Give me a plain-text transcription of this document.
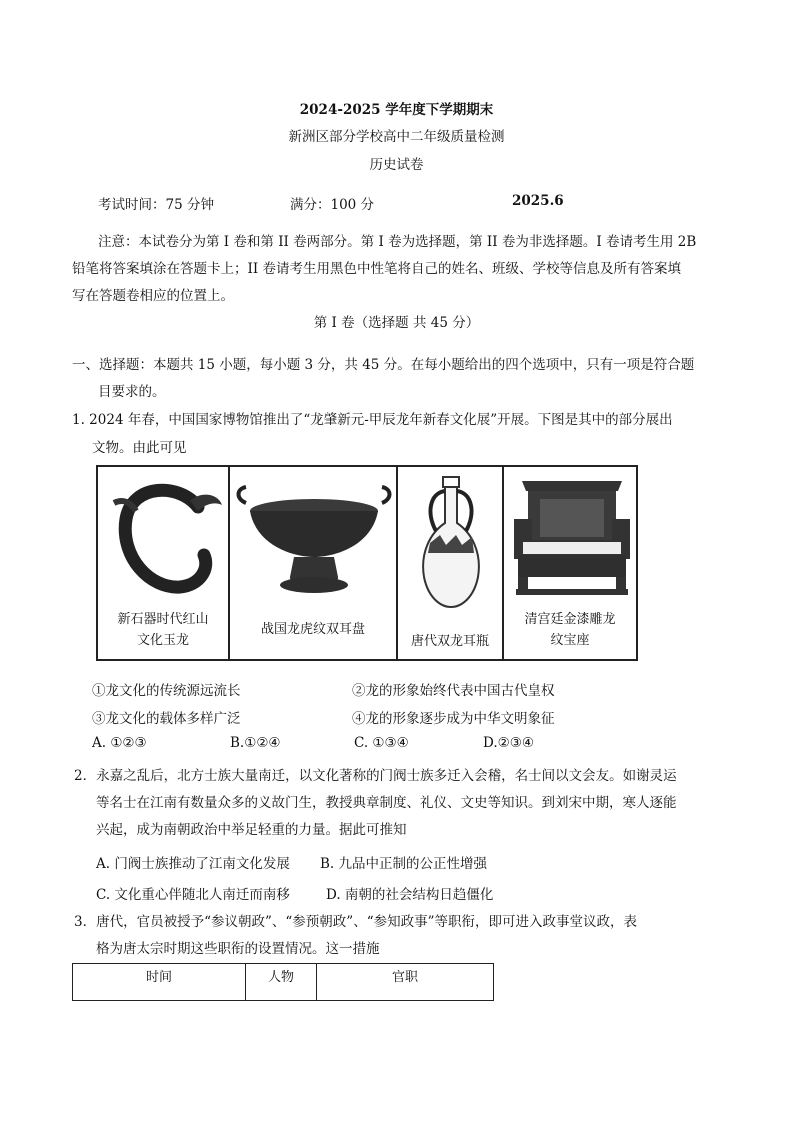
2024-2025 学年度下学期期末
新洲区部分学校高中二年级质量检测
历史试卷
考试时间：75 分钟	满分：100 分	2025.6
注意：本试卷分为第 I 卷和第 II 卷两部分。第 I 卷为选择题，第 II 卷为非选择题。I 卷请考生用 2B
铅笔将答案填涂在答题卡上；II 卷请考生用黑色中性笔将自己的姓名、班级、学校等信息及所有答案填
写在答题卷相应的位置上。
第 I 卷（选择题 共 45 分）
一、选择题：本题共 15 小题，每小题 3 分，共 45 分。在每小题给出的四个选项中，只有一项是符合题
目要求的。
1. 2024 年春，中国国家博物馆推出了“龙肇新元-甲辰龙年新春文化展”开展。下图是其中的部分展出
文物。由此可见
新石器时代红山
文化玉龙
战国龙虎纹双耳盘
唐代双龙耳瓶
清宫廷金漆雕龙
纹宝座
①龙文化的传统源远流长	②龙的形象始终代表中国古代皇权
③龙文化的载体多样广泛	④龙的形象逐步成为中华文明象征
A. ①②③	B.①②④	C. ①③④	D.②③④
2．永嘉之乱后，北方士族大量南迁，以文化著称的门阀士族多迁入会稽，名士间以文会友。如谢灵运
等名士在江南有数量众多的义故门生，教授典章制度、礼仪、文史等知识。到刘宋中期，寒人逐能
兴起，成为南朝政治中举足轻重的力量。据此可推知
A. 门阀士族推动了江南文化发展 B. 九品中正制的公正性增强
C. 文化重心伴随北人南迁而南移	D. 南朝的社会结构日趋僵化
3．唐代，官员被授予“参议朝政”、“参预朝政”、“参知政事”等职衔，即可进入政事堂议政，表
格为唐太宗时期这些职衔的设置情况。这一措施
时间	人物	官职
